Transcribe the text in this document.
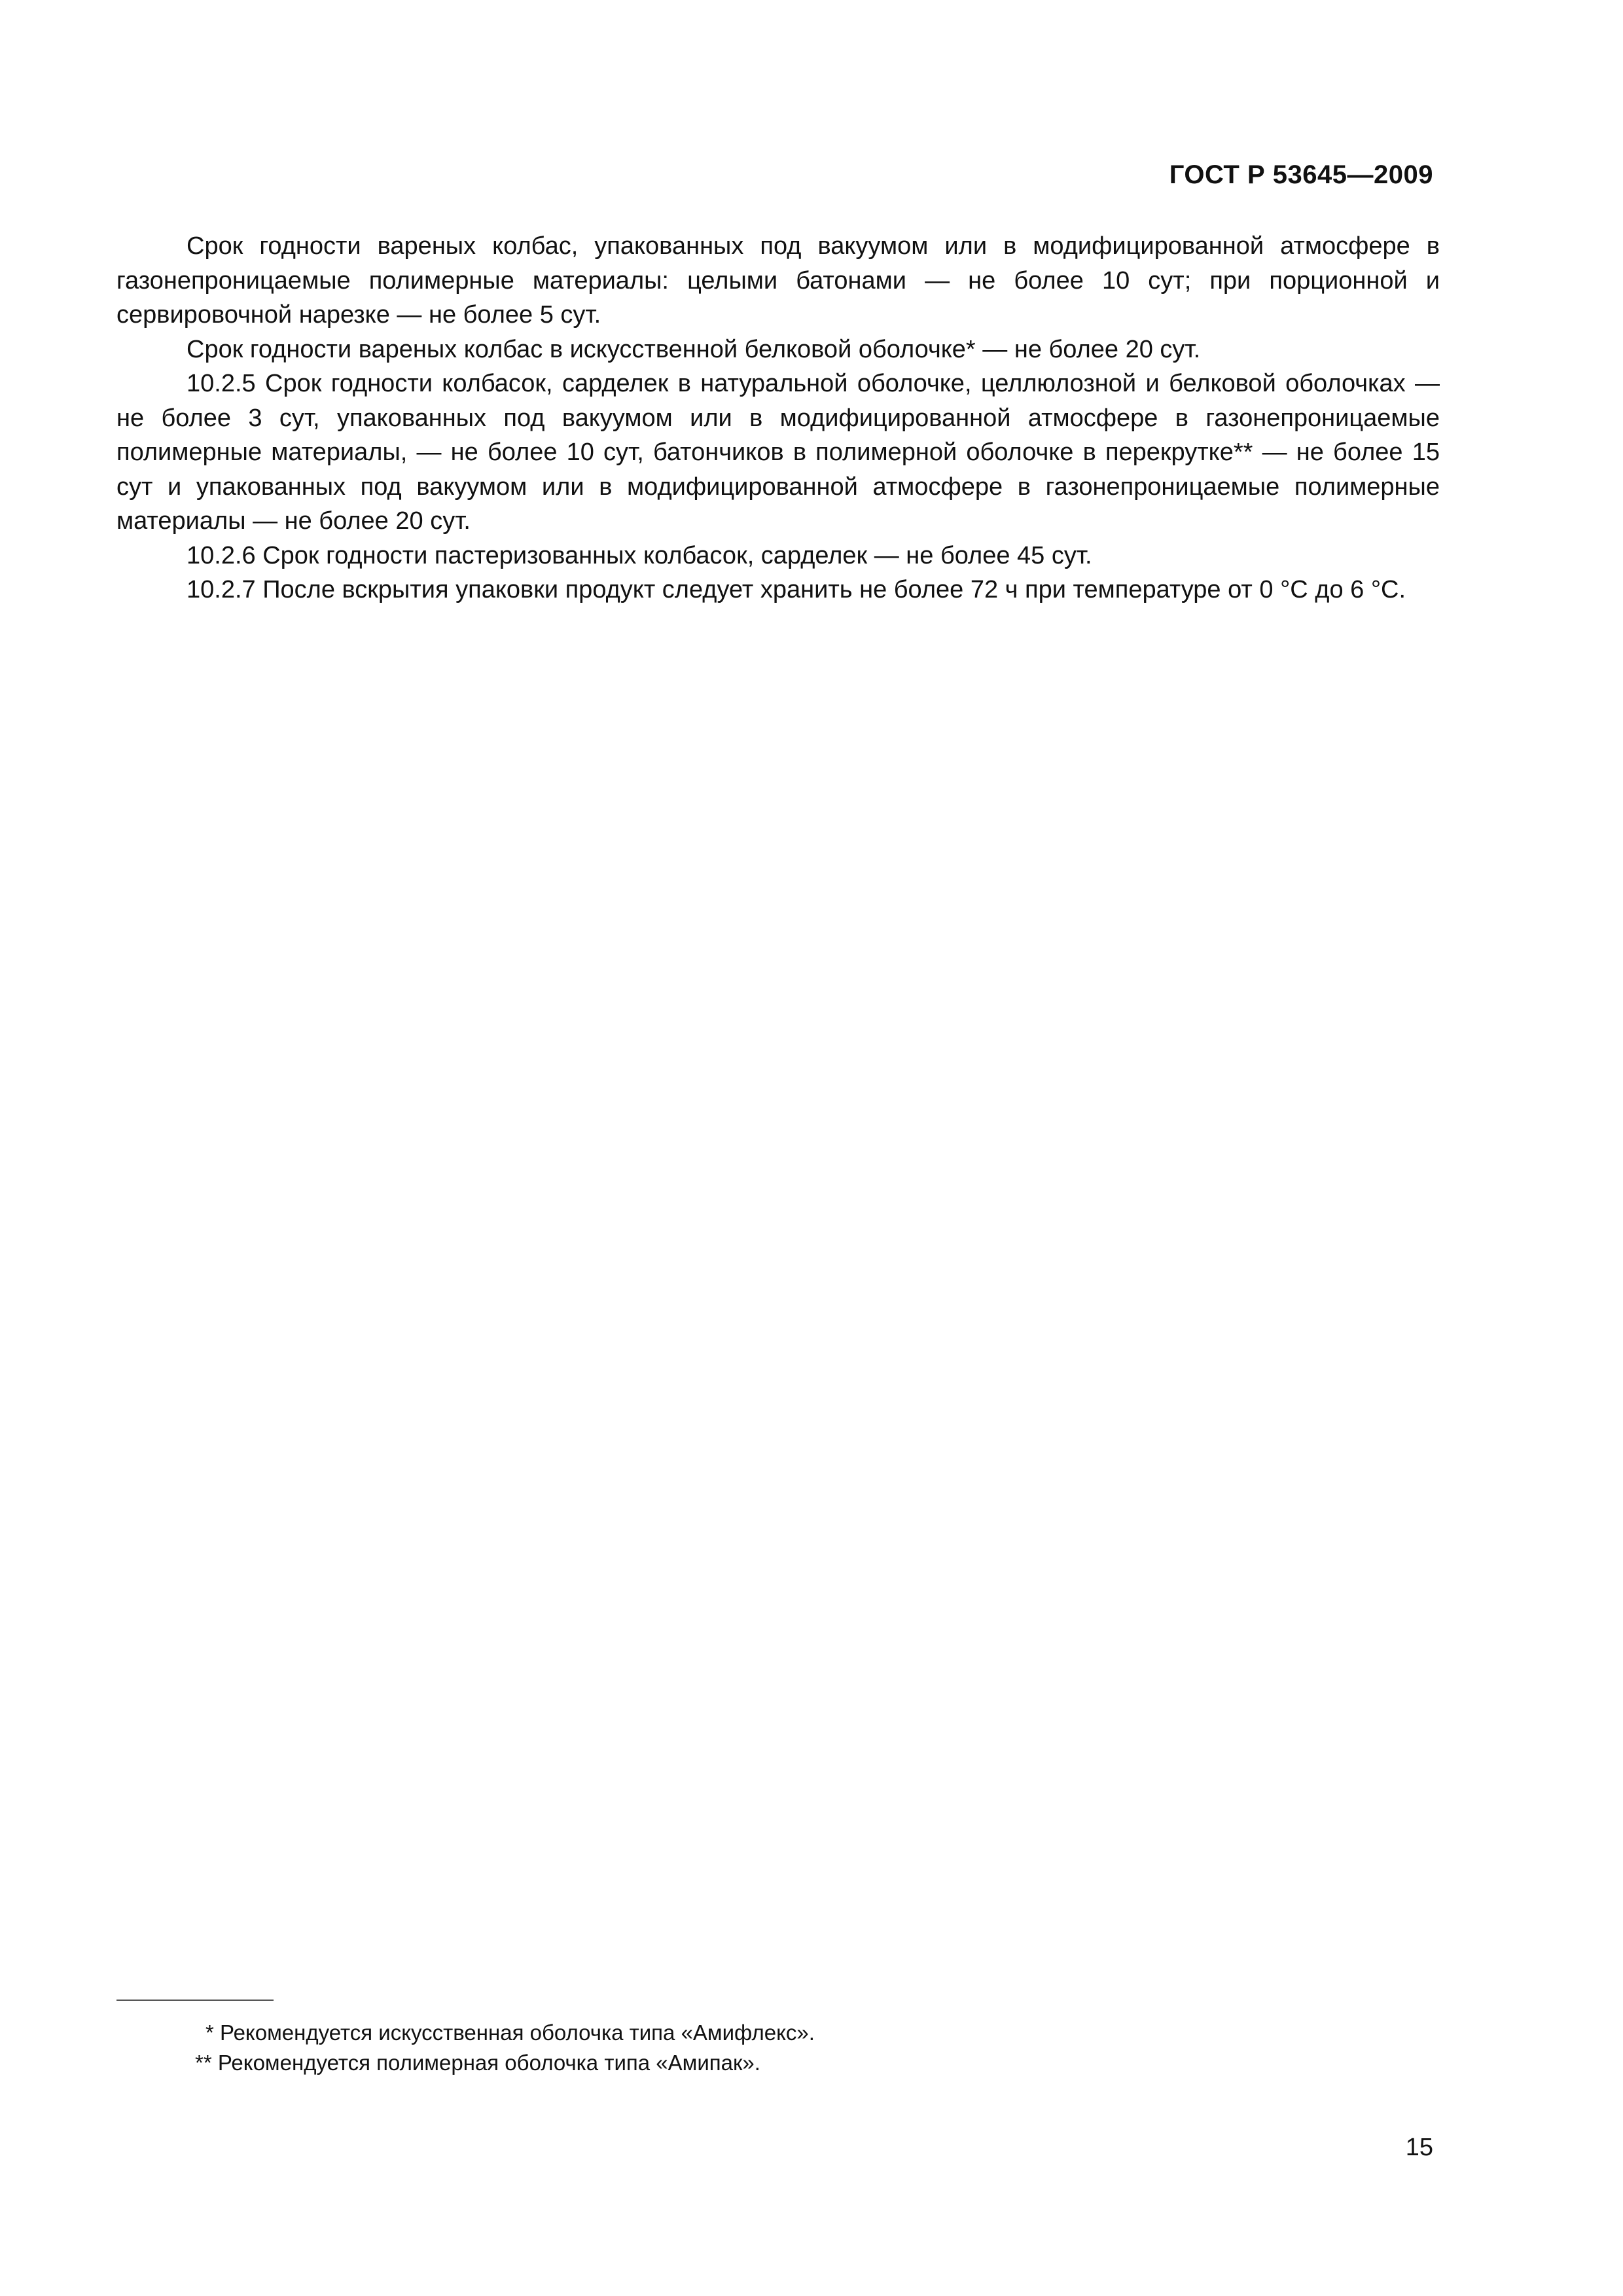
ГОСТ Р 53645—2009

Срок годности вареных колбас, упакованных под вакуумом или в модифицированной атмосфере в газонепроницаемые полимерные материалы: целыми батонами — не более 10 сут; при порционной и сервировочной нарезке — не более 5 сут.

Срок годности вареных колбас в искусственной белковой оболочке* — не более 20 сут.

10.2.5 Срок годности колбасок, сарделек в натуральной оболочке, целлюлозной и белковой оболочках — не более 3 сут, упакованных под вакуумом или в модифицированной атмосфере в газонепроницаемые полимерные материалы, — не более 10 сут, батончиков в полимерной оболочке в перекрутке** — не более 15 сут и упакованных под вакуумом или в модифицированной атмосфере в газонепроницаемые полимерные материалы — не более 20 сут.

10.2.6 Срок годности пастеризованных колбасок, сарделек — не более 45 сут.

10.2.7 После вскрытия упаковки продукт следует хранить не более 72 ч при температуре от 0 °С до 6 °С.

* Рекомендуется искусственная оболочка типа «Амифлекс».

** Рекомендуется полимерная оболочка типа «Амипак».

15
